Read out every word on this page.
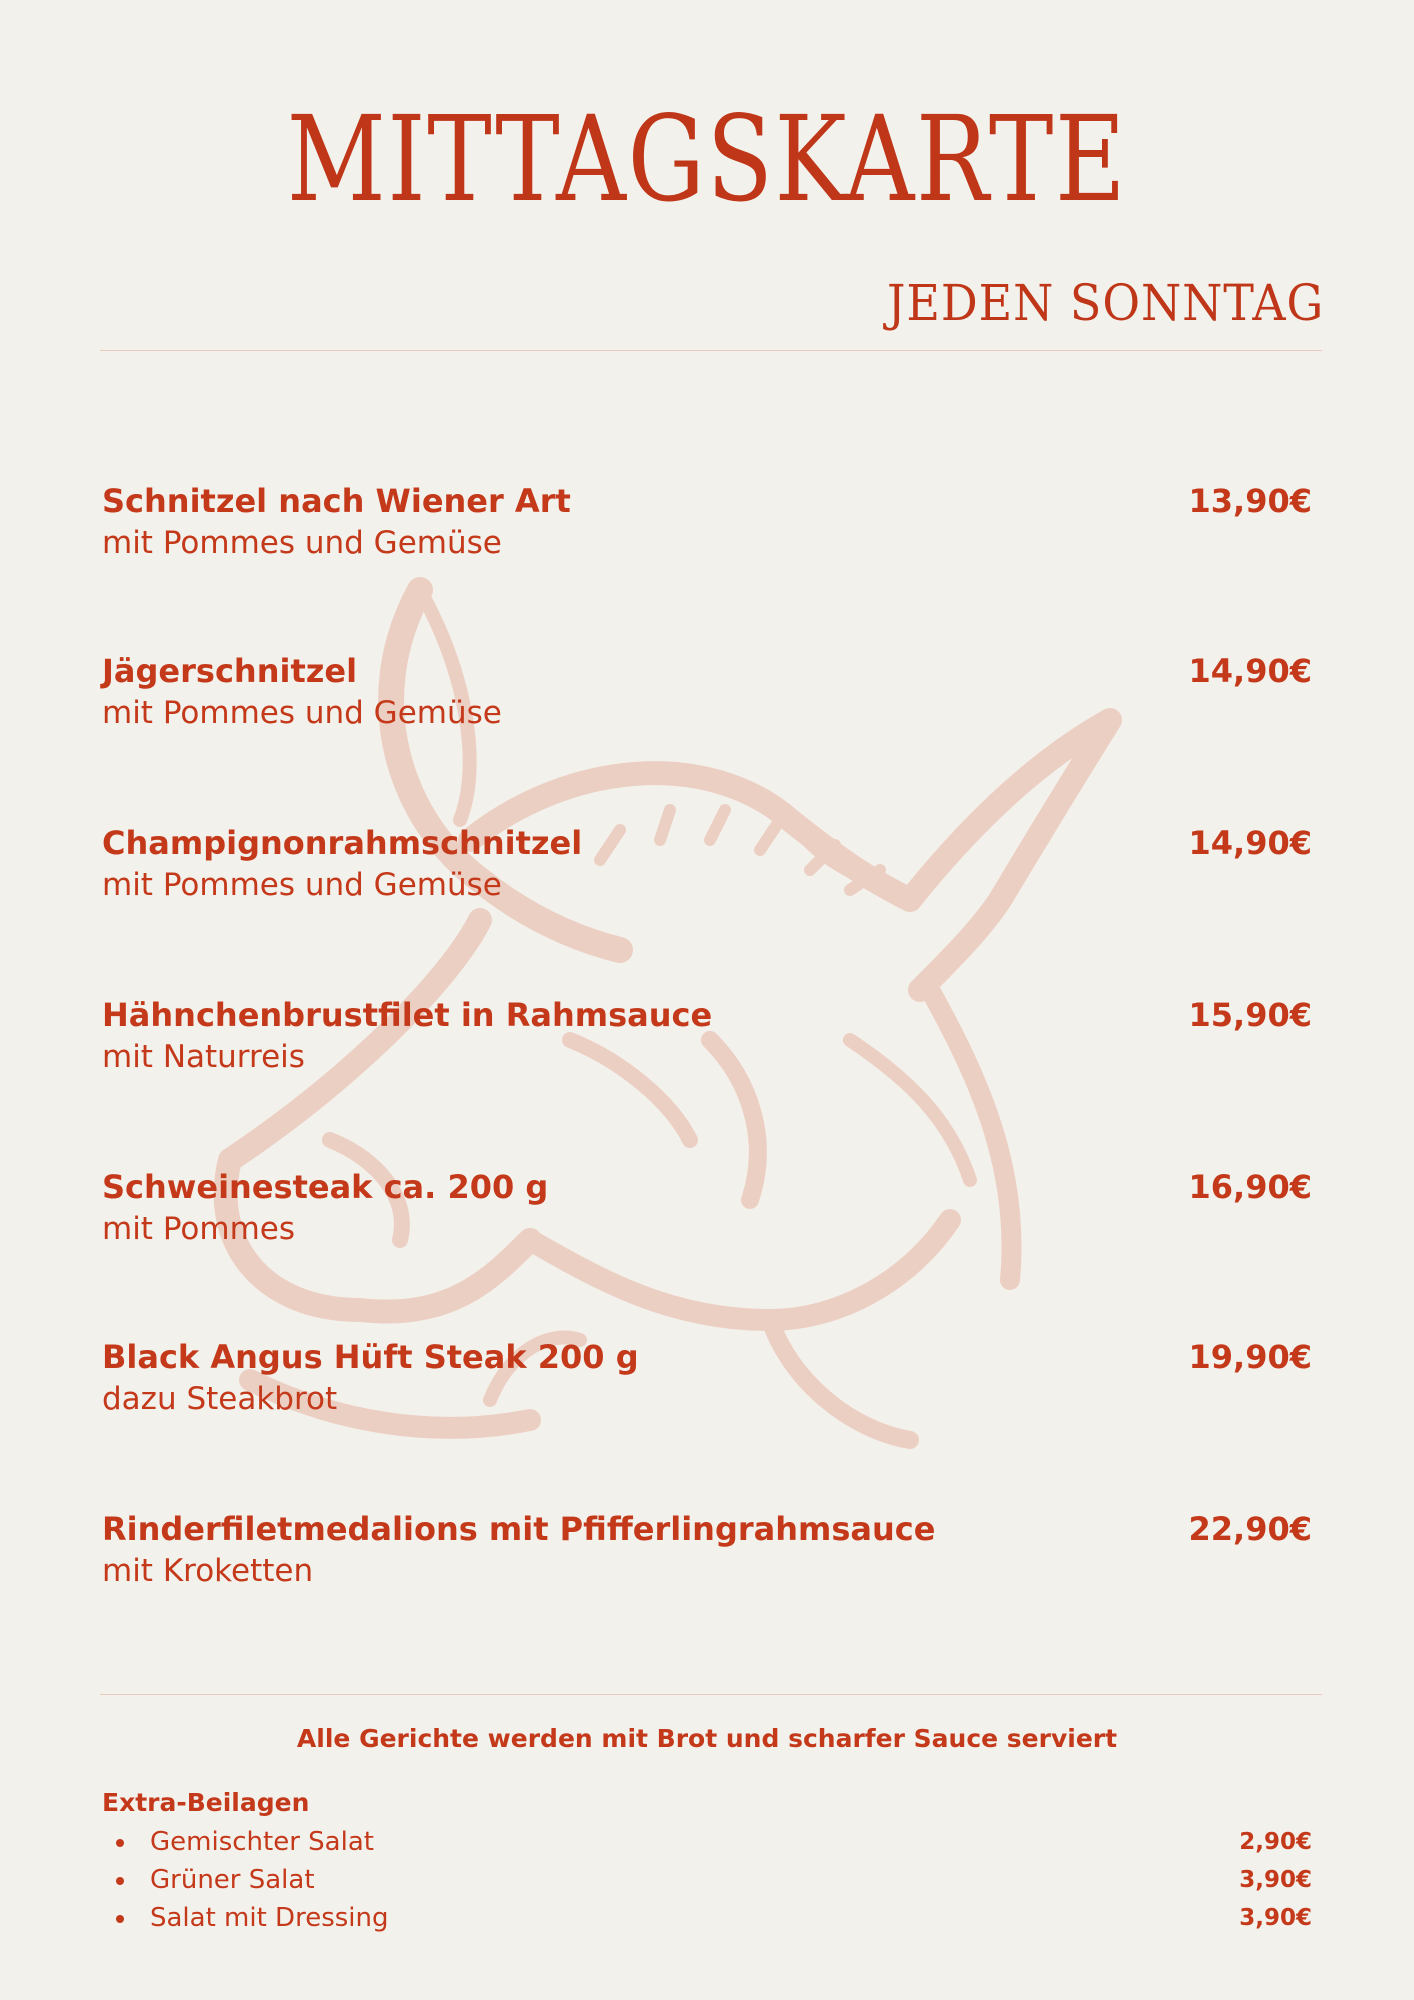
MITTAGSKARTE
JEDEN SONNTAG
Schnitzel nach Wiener Art
mit Pommes und Gemüse
13,90€
Jägerschnitzel
mit Pommes und Gemüse
14,90€
Champignonrahmschnitzel
mit Pommes und Gemüse
14,90€
Hähnchenbrustfilet in Rahmsauce
mit Naturreis
15,90€
Schweinesteak ca. 200 g
mit Pommes
16,90€
Black Angus Hüft Steak 200 g
dazu Steakbrot
19,90€
Rinderfiletmedalions mit Pfifferlingrahmsauce
mit Kroketten
22,90€
Alle Gerichte werden mit Brot und scharfer Sauce serviert
Extra-Beilagen
Gemischter Salat	2,90€
Grüner Salat	3,90€
Salat mit Dressing	3,90€
